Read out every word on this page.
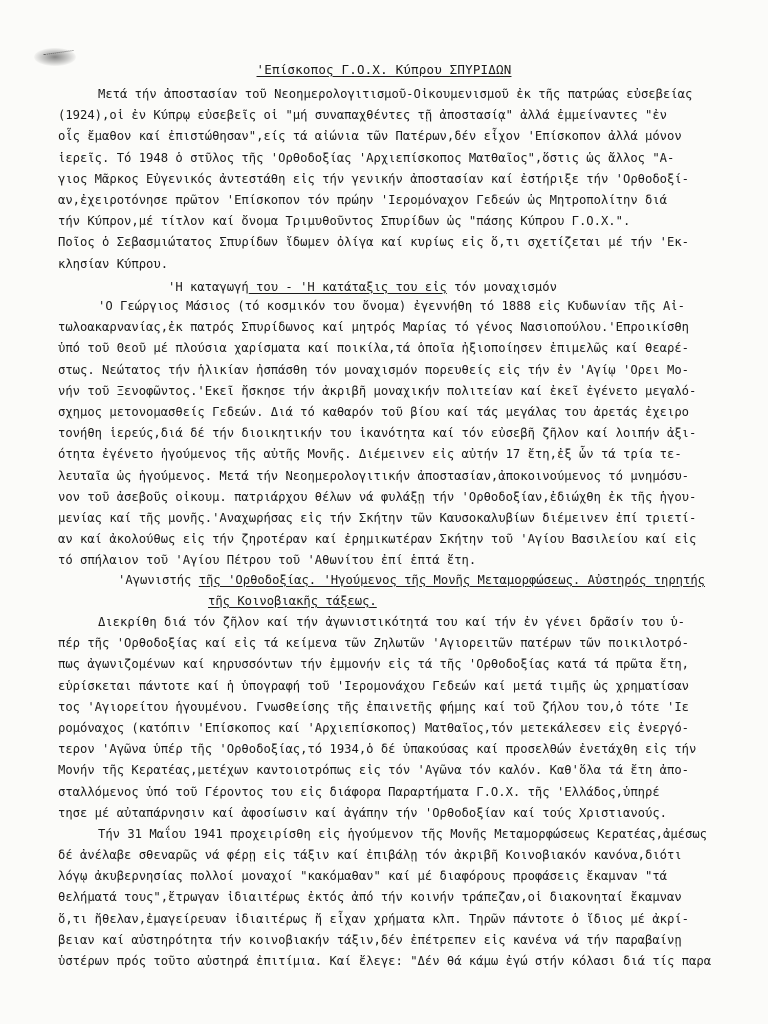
'Επίσκοπος Γ.Ο.Χ. Κύπρου ΣΠΥΡΙΔΩΝ
Μετά τήν ἀποστασίαν τοῦ Νεοημερολογιτισμοῦ-Οἰκουμενισμοῦ ἐκ τῆς πατρώας εὐσεβείας
(1924),οἱ ἐν Κύπρῳ εὐσεβεῖς οἱ "μή συναπαχθέντες τῇ ἀποστασίᾳ" ἀλλά ἐμμείναντες "ἐν
οἷς ἔμαθον καί ἐπιστώθησαν",είς τά αἰώνια τῶν Πατέρων,δέν εἶχον 'Επίσκοπον ἀλλά μόνον
ἱερεῖς. Τό 1948 ὁ στῦλος τῆς 'Ορθοδοξίας 'Αρχιεπίσκοπος Ματθαῖος",ὅστις ὡς ἄλλος "Α-
γιος Μᾶρκος Εὐγενικός ἀντεστάθη εἰς τήν γενικήν ἀποστασίαν καί ἐστήριξε τήν 'Ορθοδοξί-
αν,ἐχειροτόνησε πρῶτον 'Επίσκοπον τόν πρώην 'Ιερομόναχον Γεδεών ὡς Μητροπολίτην διά
τήν Κύπρον,μέ τίτλον καί ὄνομα Τριμυθοῦντος Σπυρίδων ὡς "πάσης Κύπρου Γ.Ο.Χ.".
Ποῖος ὁ Σεβασμιώτατος Σπυρίδων ἴδωμεν ὀλίγα καί κυρίως εἰς ὅ,τι σχετίζεται μέ τήν 'Εκ-
κλησίαν Κύπρου.
'Η καταγωγή του - 'Η κατάταξις του εἰς τόν μοναχισμόν
'Ο Γεώργιος Μάσιος (τό κοσμικόν του ὄνομα) ἐγεννήθη τό 1888 εἰς Κυδωνίαν τῆς Αἰ-
τωλοακαρνανίας,ἐκ πατρός Σπυρίδωνος καί μητρός Μαρίας τό γένος Νασιοπούλου.'Επροικίσθη
ὑπό τοῦ Θεοῦ μέ πλούσια χαρίσματα καί ποικίλα,τά ὁποῖα ἠξιοποίησεν ἐπιμελῶς καί θεαρέ-
στως. Νεώτατος τήν ἡλικίαν ἠσπάσθη τόν μοναχισμόν πορευθείς εἰς τήν ἐν 'Αγίῳ 'Ορει Μο-
νήν τοῦ Ξενοφῶντος.'Εκεῖ ἤσκησε τήν ἀκριβῆ μοναχικήν πολιτείαν καί ἐκεῖ ἐγένετο μεγαλό-
σχημος μετονομασθείς Γεδεών. Διά τό καθαρόν τοῦ βίου καί τάς μεγάλας του ἀρετάς ἐχειρο
τονήθη ἱερεύς,διά δέ τήν διοικητικήν του ἱκανότητα καί τόν εὐσεβῆ ζῆλον καί λοιπήν ἀξι-
ότητα ἐγένετο ἡγούμενος τῆς αὐτῆς Μονῆς. Διέμεινεν εἰς αὐτήν 17 ἔτη,ἐξ ὧν τά τρία τε-
λευταῖα ὡς ἡγούμενος. Μετά τήν Νεοημερολογιτικήν ἀποστασίαν,ἀποκοινούμενος τό μνημόσυ-
νον τοῦ ἀσεβοῦς οἰκουμ. πατριάρχου θέλων νά φυλάξῃ τήν 'Ορθοδοξίαν,ἐδιώχθη ἐκ τῆς ἡγου-
μενίας καί τῆς μονῆς.'Αναχωρήσας εἰς τήν Σκήτην τῶν Καυσοκαλυβίων διέμεινεν ἐπί τριετί-
αν καί ἀκολούθως εἰς τήν ζηροτέραν καί ἐρημικωτέραν Σκήτην τοῦ 'Αγίου Βασιλείου καί εἰς
τό σπήλαιον τοῦ 'Αγίου Πέτρου τοῦ 'Αθωνίτου ἐπί ἑπτά ἔτη.
'Αγωνιστής τῆς 'Ορθοδοξίας. 'Ηγούμενος τῆς Μονῆς Μεταμορφώσεως. Αὐστηρός τηρητής
τῆς Κοινοβιακῆς τάξεως.
Διεκρίθη διά τόν ζῆλον καί τήν ἀγωνιστικότητά του καί τήν ἐν γένει δρᾶσίν του ὑ-
πέρ τῆς 'Ορθοδοξίας καί εἰς τά κείμενα τῶν Ζηλωτῶν 'Αγιορειτῶν πατέρων τῶν ποικιλοτρό-
πως ἀγωνιζομένων καί κηρυσσόντων τήν ἐμμονήν εἰς τά τῆς 'Ορθοδοξίας κατά τά πρῶτα ἔτη,
εὑρίσκεται πάντοτε καί ἡ ὑπογραφή τοῦ 'Ιερομονάχου Γεδεών καί μετά τιμῆς ὡς χρηματίσαν
τος 'Αγιορείτου ἡγουμένου. Γνωσθείσης τῆς ἐπαινετῆς φήμης καί τοῦ ζήλου του,ὁ τότε 'Ιε
ρομόναχος (κατόπιν 'Επίσκοπος καί 'Αρχιεπίσκοπος) Ματθαῖος,τόν μετεκάλεσεν εἰς ἐνεργό-
τερον 'Αγῶνα ὑπέρ τῆς 'Ορθοδοξίας,τό 1934,ὁ δέ ὑπακούσας καί προσελθών ἐνετάχθη εἰς τήν
Μονήν τῆς Κερατέας,μετέχων καντοιοτρόπως εἰς τόν 'Αγῶνα τόν καλόν. Καθ'ὅλα τά ἔτη ἀπο-
σταλλόμενος ὑπό τοῦ Γέροντος του εἰς διάφορα Παραρτήματα Γ.Ο.Χ. τῆς 'Ελλάδος,ὑπηρέ
τησε μέ αὐταπάρνησιν καί ἀφοσίωσιν καί ἀγάπην τήν 'Ορθοδοξίαν καί τούς Χριστιανούς.
Τήν 31 Μαΐου 1941 προχειρίσθη εἰς ἡγούμενον τῆς Μονῆς Μεταμορφώσεως Κερατέας,ἀμέσως
δέ ἀνέλαβε σθεναρῶς νά φέρῃ εἰς τάξιν καί ἐπιβάλῃ τόν ἀκριβῆ Κοινοβιακόν κανόνα,διότι
λόγῳ ἀκυβερνησίας πολλοί μοναχοί "κακόμαθαν" καί μέ διαφόρους προφάσεις ἔκαμναν "τά
θελήματά τους",ἔτρωγαν ἰδιαιτέρως ἐκτός ἀπό τήν κοινήν τράπεζαν,οἱ διακονηταί ἔκαμναν
ὅ,τι ἤθελαν,ἐμαγείρευαν ἰδιαιτέρως ἤ εἶχαν χρήματα κλπ. Τηρῶν πάντοτε ὁ ἴδιος μέ ἀκρί-
βειαν καί αὐστηρότητα τήν κοινοβιακήν τάξιν,δέν ἐπέτρεπεν εἰς κανένα νά τήν παραβαίνῃ
ὑστέρων πρός τοῦτο αὐστηρά ἐπιτίμια. Καί ἔλεγε: "Δέν θά κάμω ἐγώ στήν κόλασι διά τίς παρα
